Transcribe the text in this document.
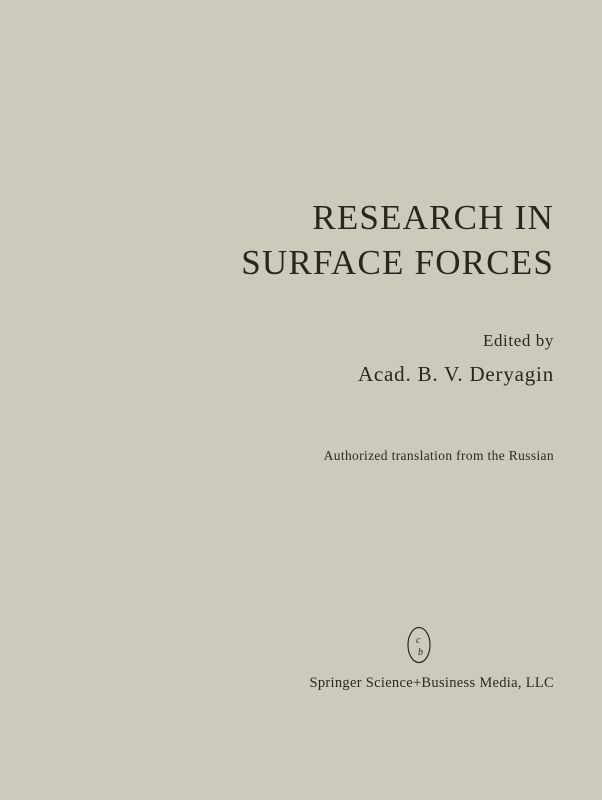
RESEARCH IN
SURFACE FORCES
Edited by
Acad. B. V. Deryagin
Authorized translation from the Russian
c
b
Springer Science+Business Media, LLC
